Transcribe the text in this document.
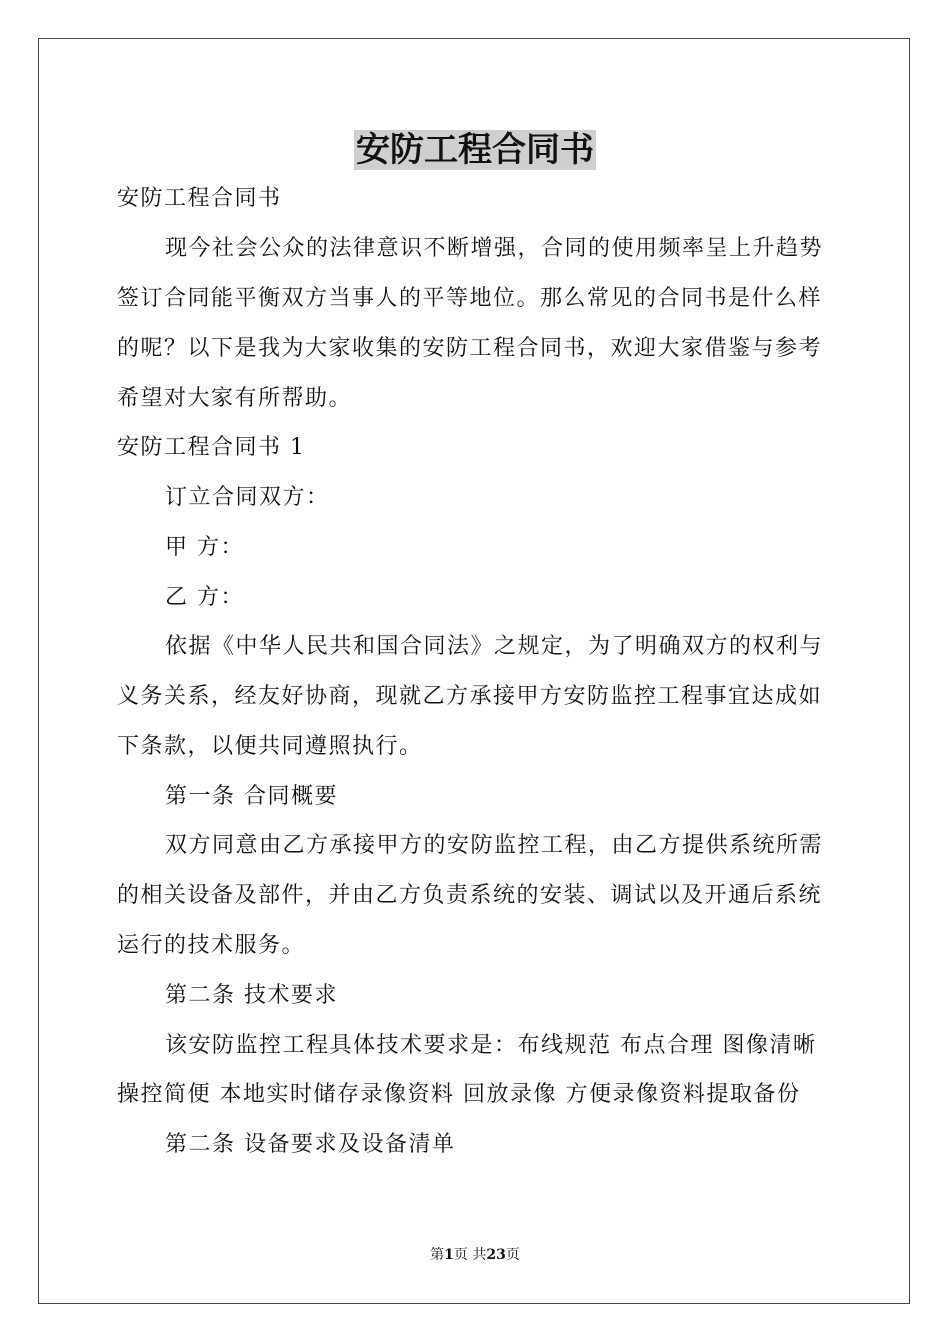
安防工程合同书

安防工程合同书

现今社会公众的法律意识不断增强，合同的使用频率呈上升趋势

签订合同能平衡双方当事人的平等地位。那么常见的合同书是什么样

的呢？以下是我为大家收集的安防工程合同书，欢迎大家借鉴与参考

希望对大家有所帮助。

安防工程合同书 1

订立合同双方：

甲 方：

乙 方：

依据《中华人民共和国合同法》之规定，为了明确双方的权利与

义务关系，经友好协商，现就乙方承接甲方安防监控工程事宜达成如

下条款，以便共同遵照执行。

第一条 合同概要

双方同意由乙方承接甲方的安防监控工程，由乙方提供系统所需

的相关设备及部件，并由乙方负责系统的安装、调试以及开通后系统

运行的技术服务。

第二条 技术要求

该安防监控工程具体技术要求是：布线规范 布点合理 图像清晰

操控简便 本地实时储存录像资料 回放录像 方便录像资料提取备份

第二条 设备要求及设备清单

第1页 共23页
